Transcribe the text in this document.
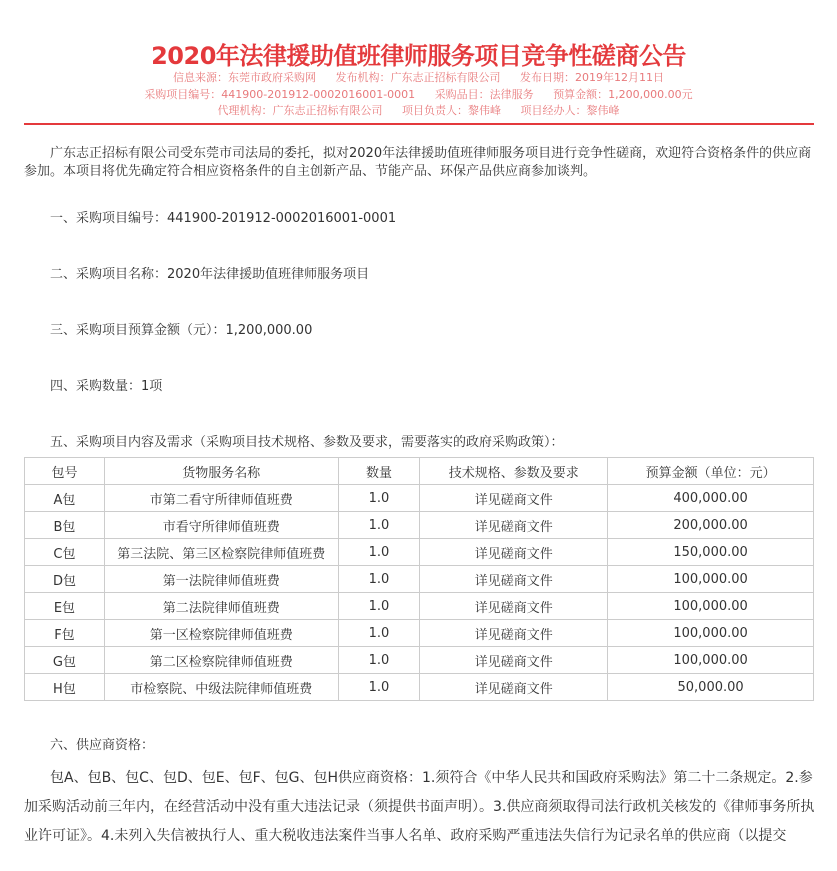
2020年法律援助值班律师服务项目竞争性磋商公告
信息来源：东莞市政府采购网 发布机构：广东志正招标有限公司 发布日期：2019年12月11日
采购项目编号：441900-201912-0002016001-0001 采购品目：法律服务 预算金额：1,200,000.00元
代理机构：广东志正招标有限公司 项目负责人：黎伟峰 项目经办人：黎伟峰
广东志正招标有限公司受东莞市司法局的委托，拟对2020年法律援助值班律师服务项目进行竞争性磋商，欢迎符合资格条件的供应商参加。本项目将优先确定符合相应资格条件的自主创新产品、节能产品、环保产品供应商参加谈判。
一、采购项目编号：441900-201912-0002016001-0001
二、采购项目名称：2020年法律援助值班律师服务项目
三、采购项目预算金额（元）：1,200,000.00
四、采购数量：1项
五、采购项目内容及需求（采购项目技术规格、参数及要求，需要落实的政府采购政策）：
包号	货物服务名称	数量	技术规格、参数及要求	预算金额（单位：元）
A包	市第二看守所律师值班费	1.0	详见磋商文件	400,000.00
B包	市看守所律师值班费	1.0	详见磋商文件	200,000.00
C包	第三法院、第三区检察院律师值班费	1.0	详见磋商文件	150,000.00
D包	第一法院律师值班费	1.0	详见磋商文件	100,000.00
E包	第二法院律师值班费	1.0	详见磋商文件	100,000.00
F包	第一区检察院律师值班费	1.0	详见磋商文件	100,000.00
G包	第二区检察院律师值班费	1.0	详见磋商文件	100,000.00
H包	市检察院、中级法院律师值班费	1.0	详见磋商文件	50,000.00
六、供应商资格：
包A、包B、包C、包D、包E、包F、包G、包H供应商资格：1.须符合《中华人民共和国政府采购法》第二十二条规定。2.参加采购活动前三年内，在经营活动中没有重大违法记录（须提供书面声明）。3.供应商须取得司法行政机关核发的《律师事务所执业许可证》。4.未列入失信被执行人、重大税收违法案件当事人名单、政府采购严重违法失信行为记录名单的供应商（以提交
